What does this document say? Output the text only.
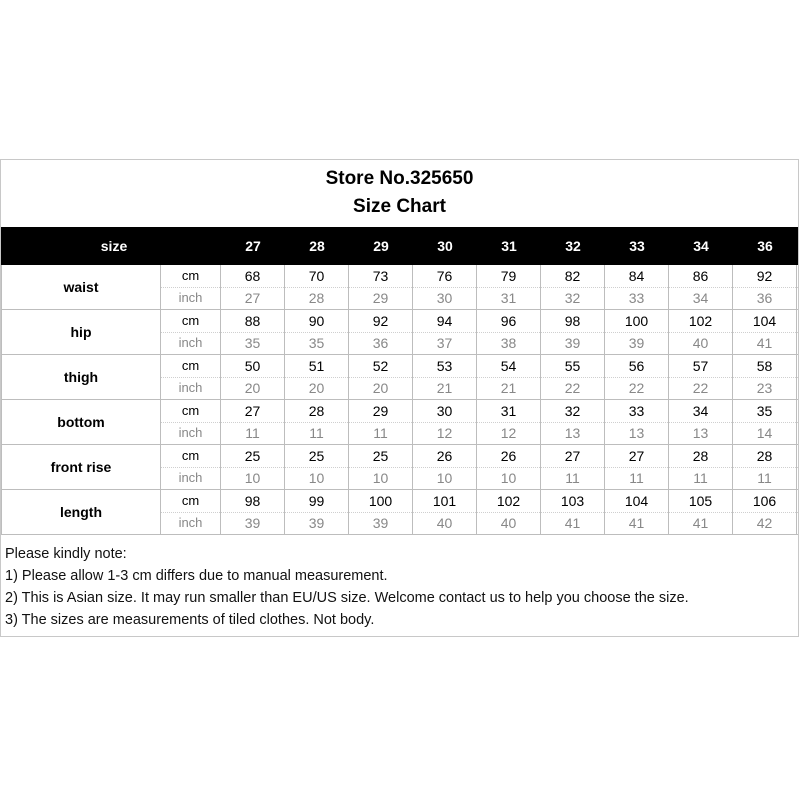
Store No.325650
Size Chart
size	27	28	29	30	31	32	33	34	36
waist
cm	68	70	73	76	79	82	84	86	92
inch	27	28	29	30	31	32	33	34	36
hip
cm	88	90	92	94	96	98	100	102	104
inch	35	35	36	37	38	39	39	40	41
thigh
cm	50	51	52	53	54	55	56	57	58
inch	20	20	20	21	21	22	22	22	23
bottom
cm	27	28	29	30	31	32	33	34	35
inch	11	11	11	12	12	13	13	13	14
front rise
cm	25	25	25	26	26	27	27	28	28
inch	10	10	10	10	10	11	11	11	11
length
cm	98	99	100	101	102	103	104	105	106
inch	39	39	39	40	40	41	41	41	42
Please kindly note:
1) Please allow 1-3 cm differs due to manual measurement.
2) This is Asian size. It may run smaller than EU/US size. Welcome contact us to help you choose the size.
3) The sizes are measurements of tiled clothes. Not body.
